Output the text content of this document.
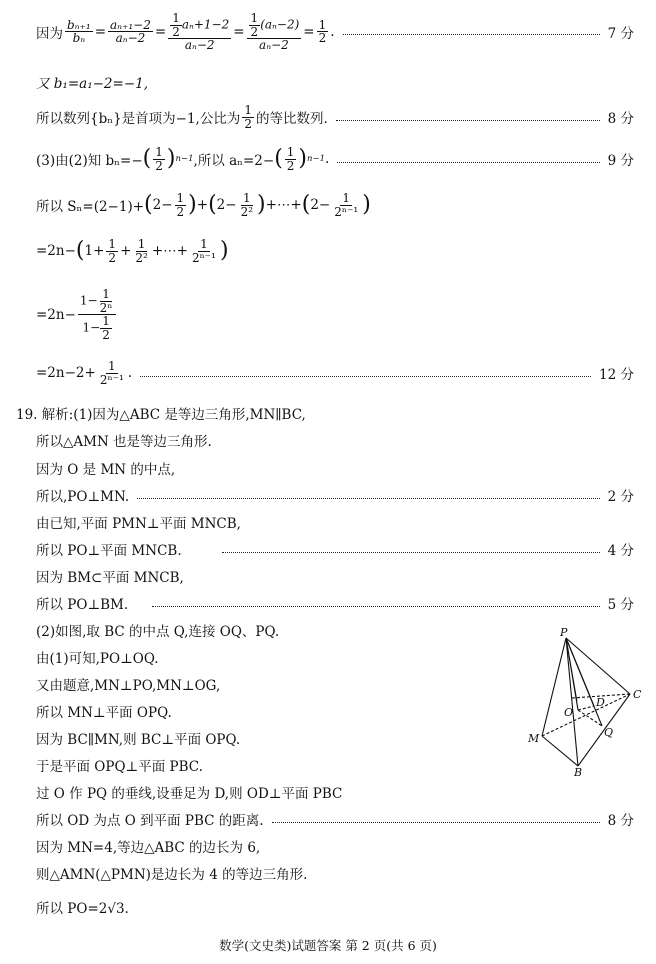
因为 $\frac{\text{bₙ₊₁}}{\text{bₙ}} = \frac{\text{aₙ₊₁−2}}{\text{aₙ−2}} = \frac{\frac{1}{2} a_n+1-2}{\text{aₙ−2}} = \frac{\frac{1}{2} (a_n-2)}{\text{aₙ−2}} = \frac{1}{2}$ .	7 分
又 b₁=a₁−2=−1,
所以数列{bₙ}是首项为−1,公比为 $\frac{1}{2}$ 的等比数列.	8 分
(3)由(2)知 bₙ=− ( $\frac{1}{2}$ ) n−1 ,所以 aₙ=2− ( $\frac{1}{2}$ ) n−1 .	9 分
所以 Sₙ=(2−1)+ ( $2- \frac{1}{2}$ ) + ( $2- \frac{1}{\text{2²}}$ ) +⋯+ ( $2- \frac{1}{\text{2ⁿ⁻¹}}$ )
=2n− ( $1+ \frac{1}{2} + \frac{1}{\text{2²}}$ +⋯+ $\frac{1}{\text{2ⁿ⁻¹}}$ )
$=2n- \frac{1- \frac{1}{\text{2ⁿ}}}{1- \frac{1}{2}}$
$=2n-2+ \frac{1}{\text{2ⁿ⁻¹}}$ .	12 分
19. 解析:(1)因为△ABC 是等边三角形,MN∥BC,
所以△AMN 也是等边三角形.
因为 O 是 MN 的中点,
所以,PO⊥MN.	2 分
由已知,平面 PMN⊥平面 MNCB,
所以 PO⊥平面 MNCB.	4 分
因为 BM⊂平面 MNCB,
所以 PO⊥BM.	5 分
(2)如图,取 BC 的中点 Q,连接 OQ、PQ.
由(1)可知,PO⊥OQ.
又由题意,MN⊥PO,MN⊥OG,
所以 MN⊥平面 OPQ.
因为 BC∥MN,则 BC⊥平面 OPQ.
于是平面 OPQ⊥平面 PBC.
过 O 作 PQ 的垂线,设垂足为 D,则 OD⊥平面 PBC
所以 OD 为点 O 到平面 PBC 的距离.	8 分
因为 MN=4,等边△ABC 的边长为 6,
则△AMN(△PMN)是边长为 4 的等边三角形.
所以 PO=2√3.
P
C
O
D
Q
M
B
数学(文史类)试题答案 第 2 页(共 6 页)
